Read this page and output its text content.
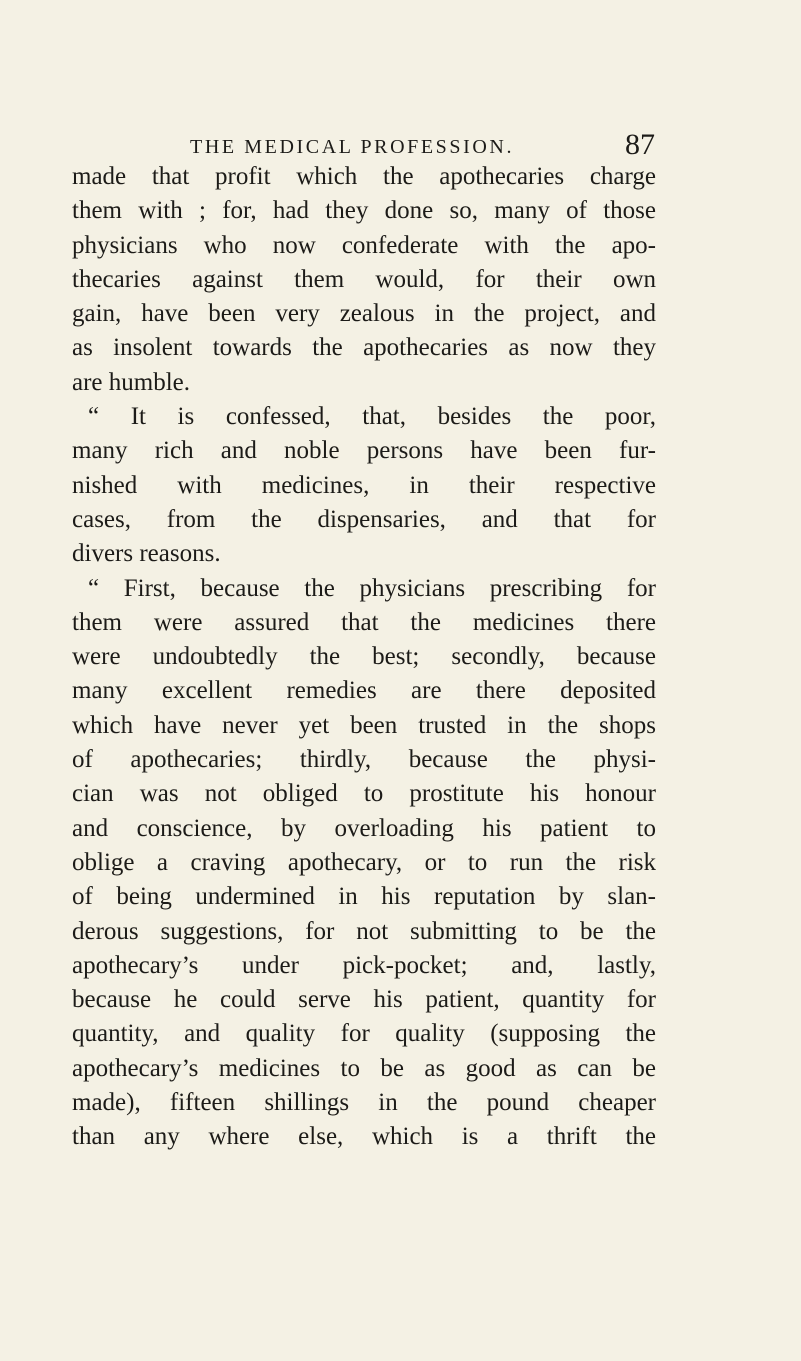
THE MEDICAL PROFESSION.	87
made that profit which the apothecaries charge
them with ; for, had they done so, many of those
physicians who now confederate with the apo-
thecaries against them would, for their own
gain, have been very zealous in the project, and
as insolent towards the apothecaries as now they
are humble.
“ It is confessed, that, besides the poor,
many rich and noble persons have been fur-
nished with medicines, in their respective
cases, from the dispensaries, and that for
divers reasons.
“ First, because the physicians prescribing for
them were assured that the medicines there
were undoubtedly the best; secondly, because
many excellent remedies are there deposited
which have never yet been trusted in the shops
of apothecaries; thirdly, because the physi-
cian was not obliged to prostitute his honour
and conscience, by overloading his patient to
oblige a craving apothecary, or to run the risk
of being undermined in his reputation by slan-
derous suggestions, for not submitting to be the
apothecary’s under pick-pocket; and, lastly,
because he could serve his patient, quantity for
quantity, and quality for quality (supposing the
apothecary’s medicines to be as good as can be
made), fifteen shillings in the pound cheaper
than any where else, which is a thrift the
